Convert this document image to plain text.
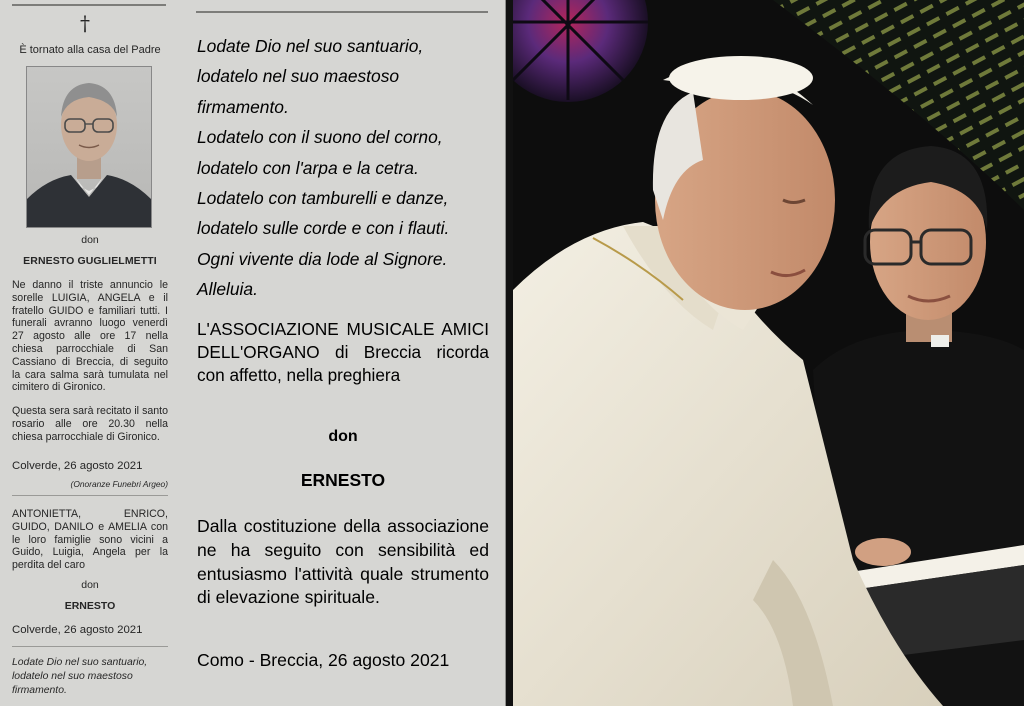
†
È tornato alla casa del Padre
don
ERNESTO GUGLIELMETTI
Ne danno il triste annuncio le sorelle LUIGIA, ANGELA e il fratello GUIDO e familiari tutti. I funerali avranno luogo venerdì 27 agosto alle ore 17 nella chiesa parrocchiale di San Cassiano di Breccia, di seguito la cara salma sarà tumulata nel cimitero di Gironico.
Questa sera sarà recitato il santo rosario alle ore 20.30 nella chiesa parrocchiale di Gironico.
Colverde, 26 agosto 2021
(Onoranze Funebri Argeo)
ANTONIETTA, ENRICO, GUIDO, DANILO e AMELIA con le loro famiglie sono vicini a Guido, Luigia, Angela per la perdita del caro
don
ERNESTO
Colverde, 26 agosto 2021
Lodate Dio nel suo santuario,
lodatelo nel suo maestoso
firmamento.
Lodate Dio nel suo santuario,
lodatelo nel suo maestoso
firmamento.
Lodatelo con il suono del corno,
lodatelo con l'arpa e la cetra.
Lodatelo con tamburelli e danze,
lodatelo sulle corde e con i flauti.
Ogni vivente dia lode al Signore.
Alleluia.
L'ASSOCIAZIONE MUSICALE AMICI DELL'ORGANO di Breccia ricorda con affetto, nella preghiera
don
ERNESTO
Dalla costituzione della associazione ne ha seguito con sensibilità ed entusiasmo l'attività quale strumento di elevazione spirituale.
Como - Breccia, 26 agosto 2021
